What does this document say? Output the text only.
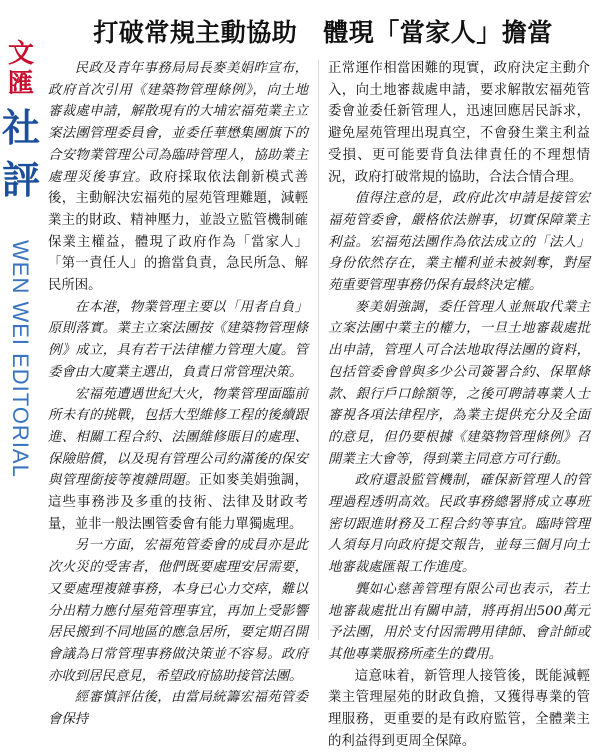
文
匯
社
評
WEN WEI EDITORIAL
打破常規主動協助 體現「當家人」擔當

民政及青年事務局局長麥美娟昨宣布，政府首次引用《建築物管理條例》，向土地審裁處申請，解散現有的大埔宏福苑業主立案法團管理委員會，並委任華懋集團旗下的合安物業管理公司為臨時管理人，協助業主處理災後事宜。政府採取依法創新模式善後，主動解決宏福苑的屋苑管理難題，減輕業主的財政、精神壓力，並設立監管機制確保業主權益，體現了政府作為「當家人」「第一責任人」的擔當負責，急民所急、解民所困。

在本港，物業管理主要以「用者自負」原則落實。業主立案法團按《建築物管理條例》成立，具有若干法律權力管理大廈。管委會由大廈業主選出，負責日常管理決策。

宏福苑遭遇世紀大火，物業管理面臨前所未有的挑戰，包括大型維修工程的後續跟進、相關工程合約、法團維修賬目的處理、保險賠償，以及現有管理公司約滿後的保安與管理銜接等複雜問題。正如麥美娟強調，這些事務涉及多重的技術、法律及財政考量，並非一般法團管委會有能力單獨處理。

另一方面，宏福苑管委會的成員亦是此次火災的受害者，他們既要處理安居需要，又要處理複雜事務，本身已心力交瘁，難以分出精力應付屋苑管理事宜，再加上受影響居民搬到不同地區的應急居所，要定期召開會議為日常管理事務做決策並不容易。政府亦收到居民意見，希望政府協助接管法團。

經審慎評估後，由當局統籌宏福苑管委會保持

正常運作相當困難的現實，政府決定主動介入，向土地審裁處申請，要求解散宏福苑管委會並委任新管理人，迅速回應居民訴求，避免屋苑管理出現真空，不會發生業主利益受損、更可能要背負法律責任的不理想情況，政府打破常規的協助，合法合情合理。

值得注意的是，政府此次申請是接管宏福苑管委會，嚴格依法辦事，切實保障業主利益。宏福苑法團作為依法成立的「法人」身份依然存在，業主權利並未被剝奪，對屋苑重要管理事務仍保有最終決定權。

麥美娟強調，委任管理人並無取代業主立案法團中業主的權力，一旦土地審裁處批出申請，管理人可合法地取得法團的資料，包括管委會曾與多少公司簽署合約、保單條款、銀行戶口餘額等，之後可聘請專業人士審視各項法律程序，為業主提供充分及全面的意見，但仍要根據《建築物管理條例》召開業主大會等，得到業主同意方可行動。

政府還設監管機制，確保新管理人的管理過程透明高效。民政事務總署將成立專班密切跟進財務及工程合約等事宜。臨時管理人須每月向政府提交報告，並每三個月向土地審裁處匯報工作進度。

龔如心慈善管理有限公司也表示，若土地審裁處批出有關申請，將再捐出500萬元予法團，用於支付因需聘用律師、會計師或其他專業服務所產生的費用。

這意味着，新管理人接管後，既能減輕業主管理屋苑的財政負擔，又獲得專業的管理服務，更重要的是有政府監管，全體業主的利益得到更周全保障。
